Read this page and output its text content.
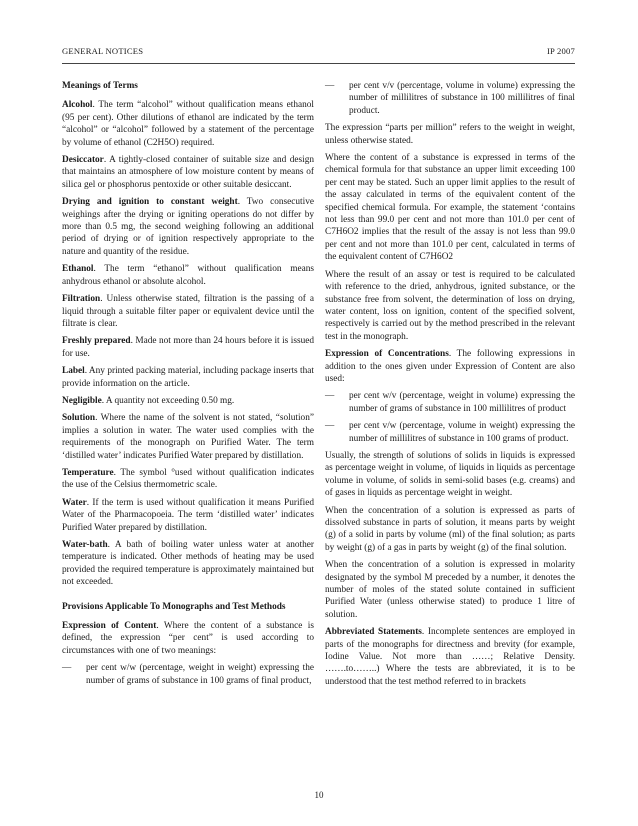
GENERAL NOTICES	IP 2007

Meanings of Terms

Alcohol. The term “alcohol” without qualification means ethanol (95 per cent). Other dilutions of ethanol are indicated by the term “alcohol” or “alcohol” followed by a statement of the percentage by volume of ethanol (C2H5O) required.

Desiccator. A tightly-closed container of suitable size and design that maintains an atmosphere of low moisture content by means of silica gel or phosphorus pentoxide or other suitable desiccant.

Drying and ignition to constant weight. Two consecutive weighings after the drying or igniting operations do not differ by more than 0.5 mg, the second weighing following an additional period of drying or of ignition respectively appropriate to the nature and quantity of the residue.

Ethanol. The term “ethanol” without qualification means anhydrous ethanol or absolute alcohol.

Filtration. Unless otherwise stated, filtration is the passing of a liquid through a suitable filter paper or equivalent device until the filtrate is clear.

Freshly prepared. Made not more than 24 hours before it is issued for use.

Label. Any printed packing material, including package inserts that provide information on the article.

Negligible. A quantity not exceeding 0.50 mg.

Solution. Where the name of the solvent is not stated, “solution” implies a solution in water. The water used complies with the requirements of the monograph on Purified Water. The term ‘distilled water’ indicates Purified Water prepared by distillation.

Temperature. The symbol °used without qualification indicates the use of the Celsius thermometric scale.

Water. If the term is used without qualification it means Purified Water of the Pharmacopoeia. The term ‘distilled water’ indicates Purified Water prepared by distillation.

Water-bath. A bath of boiling water unless water at another temperature is indicated. Other methods of heating may be used provided the required temperature is approximately maintained but not exceeded.

Provisions Applicable To Monographs and Test Methods

Expression of Content. Where the content of a substance is defined, the expression “per cent” is used according to circumstances with one of two meanings:

— per cent w/w (percentage, weight in weight) expressing the number of grams of substance in 100 grams of final product,
— per cent v/v (percentage, volume in volume) expressing the number of millilitres of substance in 100 millilitres of final product.

The expression “parts per million” refers to the weight in weight, unless otherwise stated.

Where the content of a substance is expressed in terms of the chemical formula for that substance an upper limit exceeding 100 per cent may be stated. Such an upper limit applies to the result of the assay calculated in terms of the equivalent content of the specified chemical formula. For example, the statement ‘contains not less than 99.0 per cent and not more than 101.0 per cent of C7H6O2 implies that the result of the assay is not less than 99.0 per cent and not more than 101.0 per cent, calculated in terms of the equivalent content of C7H6O2

Where the result of an assay or test is required to be calculated with reference to the dried, anhydrous, ignited substance, or the substance free from solvent, the determination of loss on drying, water content, loss on ignition, content of the specified solvent, respectively is carried out by the method prescribed in the relevant test in the monograph.

Expression of Concentrations. The following expressions in addition to the ones given under Expression of Content are also used:

— per cent w/v (percentage, weight in volume) expressing the number of grams of substance in 100 millilitres of product
— per cent v/w (percentage, volume in weight) expressing the number of millilitres of substance in 100 grams of product.

Usually, the strength of solutions of solids in liquids is expressed as percentage weight in volume, of liquids in liquids as percentage volume in volume, of solids in semi-solid bases (e.g. creams) and of gases in liquids as percentage weight in weight.

When the concentration of a solution is expressed as parts of dissolved substance in parts of solution, it means parts by weight (g) of a solid in parts by volume (ml) of the final solution; as parts by weight (g) of a gas in parts by weight (g) of the final solution.

When the concentration of a solution is expressed in molarity designated by the symbol M preceded by a number, it denotes the number of moles of the stated solute contained in sufficient Purified Water (unless otherwise stated) to produce 1 litre of solution.

Abbreviated Statements. Incomplete sentences are employed in parts of the monographs for directness and brevity (for example, Iodine Value. Not more than ……; Relative Density. …….to……..) Where the tests are abbreviated, it is to be understood that the test method referred to in brackets

10
